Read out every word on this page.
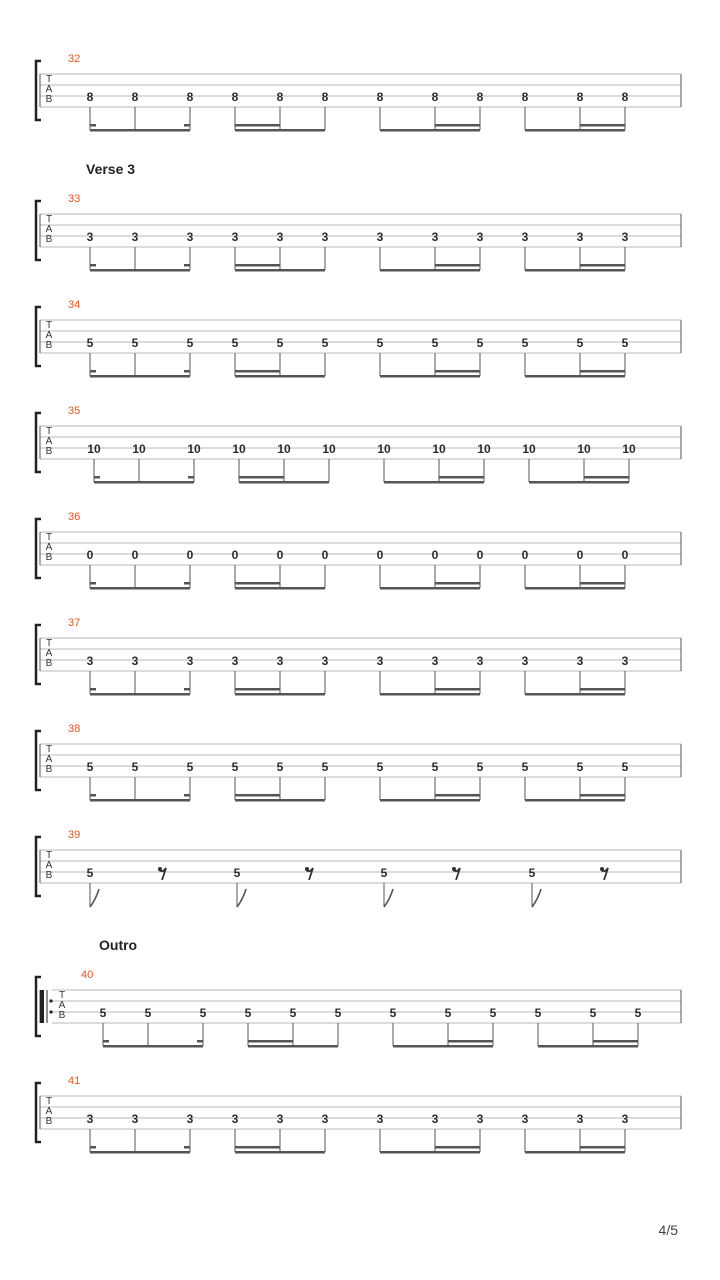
32
T
A
B	8	8	8	8	8	8	8	8	8	8	8	8
Verse 3
33
T
A
B	3	3	3	3	3	3	3	3	3	3	3	3
34
T
A
B	5	5	5	5	5	5	5	5	5	5	5	5
35
T
A
B	10	10	10	10	10	10	10	10	10	10	10	10
36
T
A
B	0	0	0	0	0	0	0	0	0	0	0	0
37
T
A
B	3	3	3	3	3	3	3	3	3	3	3	3
38
T
A
B	5	5	5	5	5	5	5	5	5	5	5	5
39
T
A
B	5	5	5	5
Outro
40
T
A
B	5	5	5	5	5	5	5	5	5	5	5	5
41
T
A
B	3	3	3	3	3	3	3	3	3	3	3	3
4/5
